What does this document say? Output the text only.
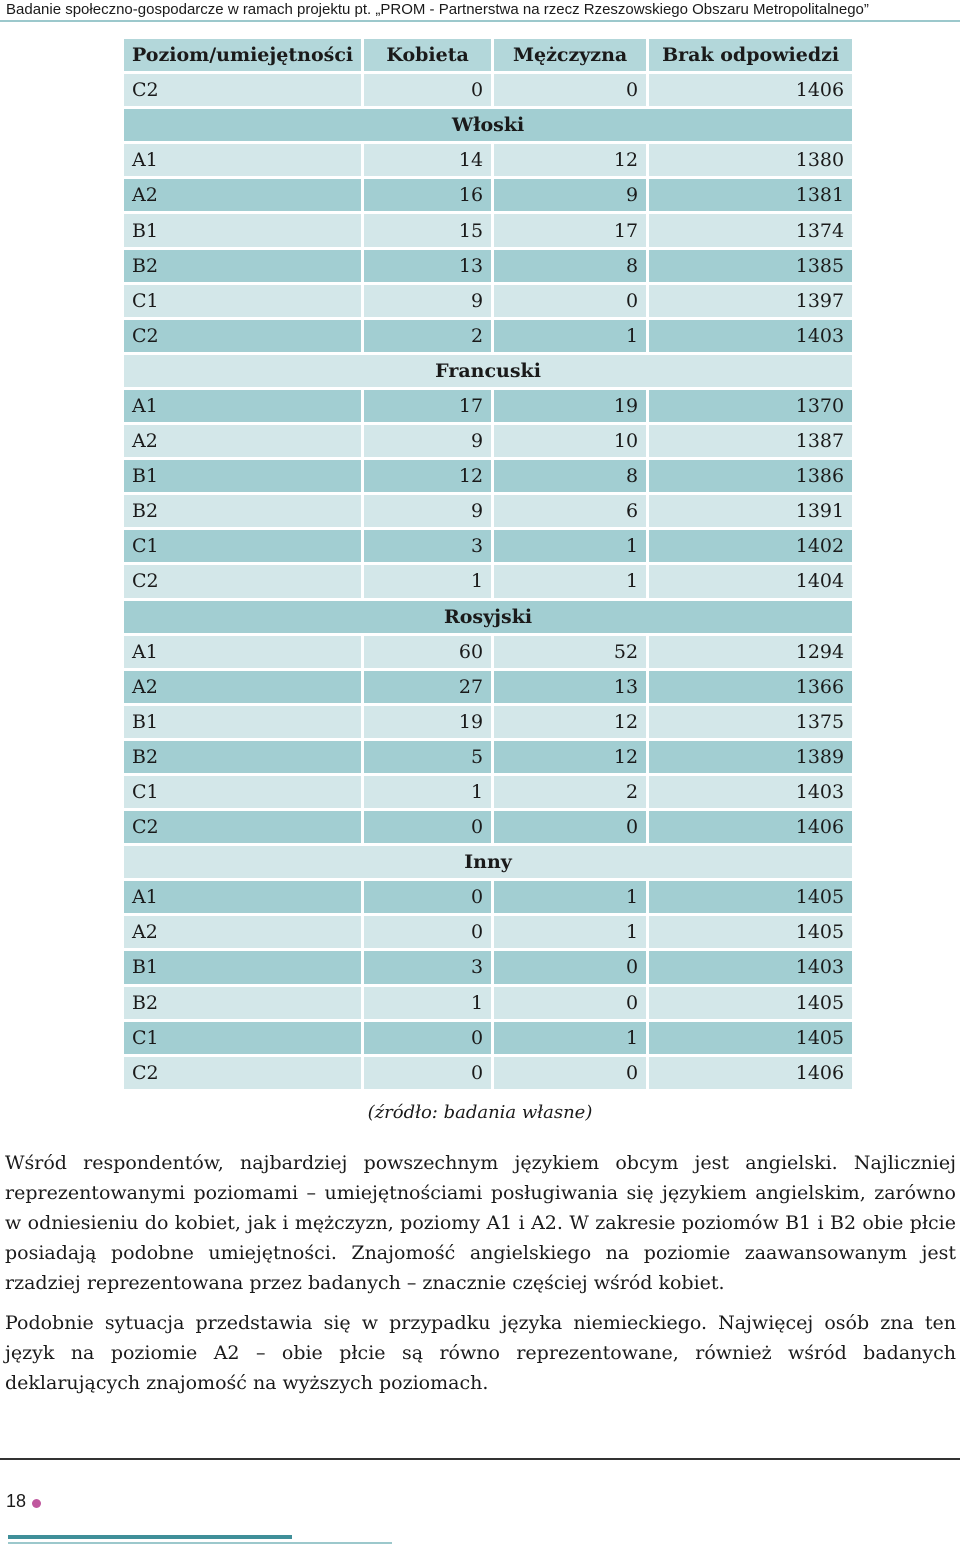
Badanie społeczno-gospodarcze w ramach projektu pt. „PROM - Partnerstwa na rzecz Rzeszowskiego Obszaru Metropolitalnego”
Poziom/umiejętności	Kobieta	Mężczyzna	Brak odpowiedzi
C2	0	0	1406
Włoski			
A1	14	12	1380
A2	16	9	1381
B1	15	17	1374
B2	13	8	1385
C1	9	0	1397
C2	2	1	1403
Francuski			
A1	17	19	1370
A2	9	10	1387
B1	12	8	1386
B2	9	6	1391
C1	3	1	1402
C2	1	1	1404
Rosyjski			
A1	60	52	1294
A2	27	13	1366
B1	19	12	1375
B2	5	12	1389
C1	1	2	1403
C2	0	0	1406
Inny			
A1	0	1	1405
A2	0	1	1405
B1	3	0	1403
B2	1	0	1405
C1	0	1	1405
C2	0	0	1406
(źródło: badania własne)

Wśród respondentów, najbardziej powszechnym językiem obcym jest angielski. Najliczniej reprezentowanymi poziomami – umiejętnościami posługiwania się językiem angielskim, zarówno w odniesieniu do kobiet, jak i mężczyzn, poziomy A1 i A2. W zakresie poziomów B1 i B2 obie płcie posiadają podobne umiejętności. Znajomość angielskiego na poziomie zaawansowanym jest rzadziej reprezentowana przez badanych – znacznie częściej wśród kobiet.

Podobnie sytuacja przedstawia się w przypadku języka niemieckiego. Najwięcej osób zna ten język na poziomie A2 – obie płcie są równo reprezentowane, również wśród badanych deklarujących znajomość na wyższych poziomach.

18
